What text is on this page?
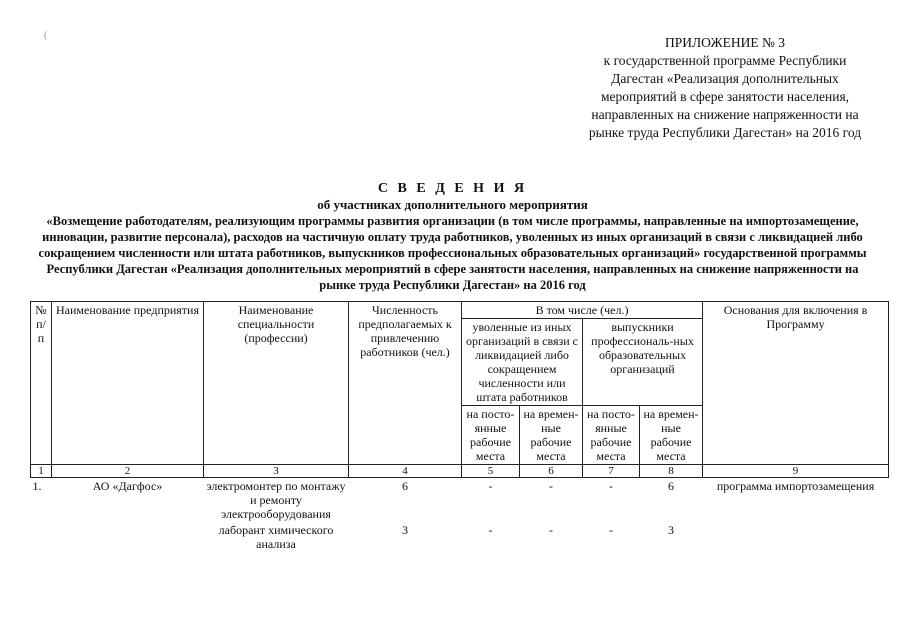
(	ПРИЛОЖЕНИЕ № 3
к государственной программе Республики
Дагестан «Реализация дополнительных
мероприятий в сфере занятости населения,
направленных на снижение напряженности на
рынке труда Республики Дагестан» на 2016 год
С В Е Д Е Н И Я
об участниках дополнительного мероприятия
«Возмещение работодателям, реализующим программы развития организации (в том числе программы, направленные на импортозамещение, инновации, развитие персонала), расходов на частичную оплату труда работников, уволенных из иных организаций в связи с ликвидацией либо сокращением численности или штата работников, выпускников профессиональных образовательных организаций» государственной программы Республики Дагестан «Реализация дополнительных мероприятий в сфере занятости населения, направленных на снижение напряженности на рынке труда Республики Дагестан» на 2016 год
№ п/п	Наименование предприятия	Наименование специальности (профессии)	Численность предполагаемых к привлечению работников (чел.)	В том числе (чел.)				Основания для включения в Программу
				уволенные из иных организаций в связи с ликвидацией либо сокращением численности или штата работников		выпускники профессиональ-ных образовательных организаций		
				на посто-янные рабочие места	на времен-ные рабочие места	на посто-янные рабочие места	на времен-ные рабочие места	
1	2	3	4	5	6	7	8	9
1.	АО «Дагфос»	электромонтер по монтажу и ремонту электрооборудования	6	-	-	-	6	программа импортозамещения
		лаборант химического анализа	3	-	-	-	3	
